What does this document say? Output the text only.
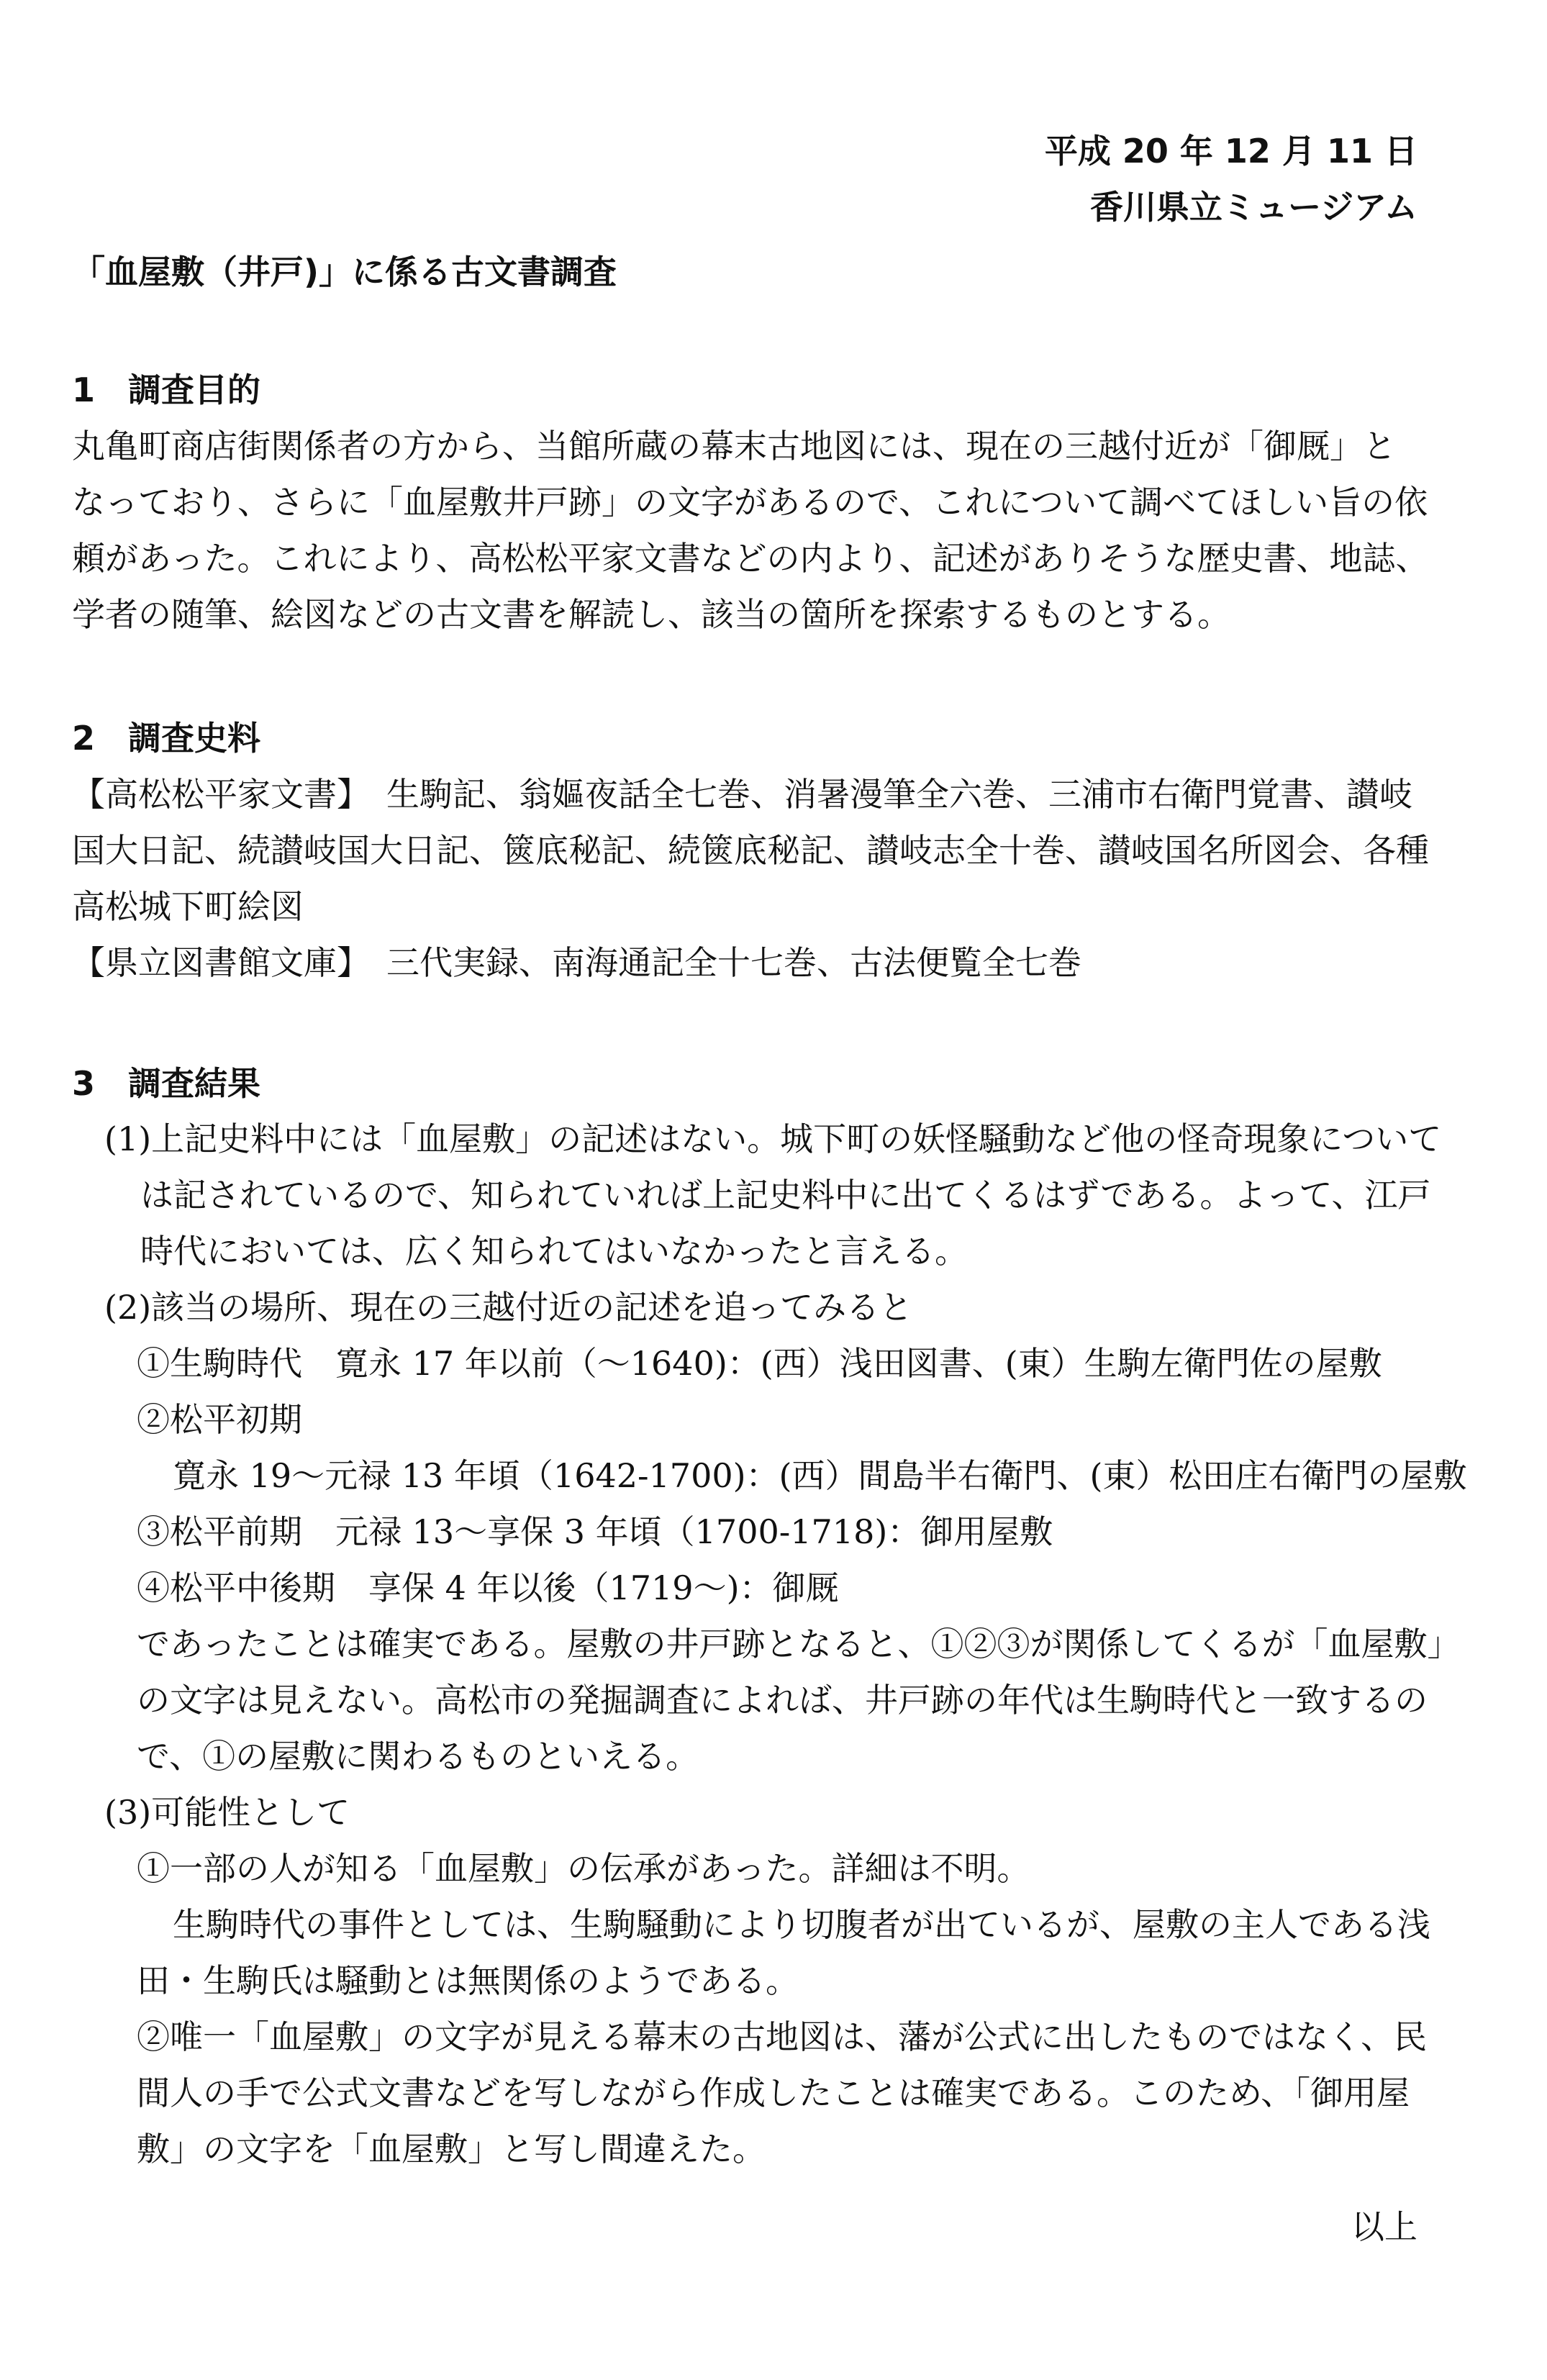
平成 20 年 12 月 11 日
香川県立ミュージアム
「血屋敷（井戸)」に係る古文書調査
1　調査目的
丸亀町商店街関係者の方から、当館所蔵の幕末古地図には、現在の三越付近が「御厩」と
なっており、さらに「血屋敷井戸跡」の文字があるので、これについて調べてほしい旨の依
頼があった。これにより、高松松平家文書などの内より、記述がありそうな歴史書、地誌、
学者の随筆、絵図などの古文書を解読し、該当の箇所を探索するものとする。
2　調査史料
【高松松平家文書】　生駒記、翁嫗夜話全七巻、消暑漫筆全六巻、三浦市右衛門覚書、讃岐
国大日記、続讃岐国大日記、篋底秘記、続篋底秘記、讃岐志全十巻、讃岐国名所図会、各種
高松城下町絵図
【県立図書館文庫】　三代実録、南海通記全十七巻、古法便覧全七巻
3　調査結果
(1)上記史料中には「血屋敷」の記述はない。城下町の妖怪騒動など他の怪奇現象について
は記されているので、知られていれば上記史料中に出てくるはずである。よって、江戸
時代においては、広く知られてはいなかったと言える。
(2)該当の場所、現在の三越付近の記述を追ってみると
①生駒時代　寛永 17 年以前（～1640)：(西）浅田図書、(東）生駒左衛門佐の屋敷
②松平初期
寛永 19～元禄 13 年頃（1642-1700)：(西）間島半右衛門、(東）松田庄右衛門の屋敷
③松平前期　元禄 13～享保 3 年頃（1700-1718)：御用屋敷
④松平中後期　享保 4 年以後（1719～)：御厩
であったことは確実である。屋敷の井戸跡となると、①②③が関係してくるが「血屋敷」
の文字は見えない。高松市の発掘調査によれば、井戸跡の年代は生駒時代と一致するの
で、①の屋敷に関わるものといえる。
(3)可能性として
①一部の人が知る「血屋敷」の伝承があった。詳細は不明。
生駒時代の事件としては、生駒騒動により切腹者が出ているが、屋敷の主人である浅
田・生駒氏は騒動とは無関係のようである。
②唯一「血屋敷」の文字が見える幕末の古地図は、藩が公式に出したものではなく、民
間人の手で公式文書などを写しながら作成したことは確実である。このため、「御用屋
敷」の文字を「血屋敷」と写し間違えた。
以上
